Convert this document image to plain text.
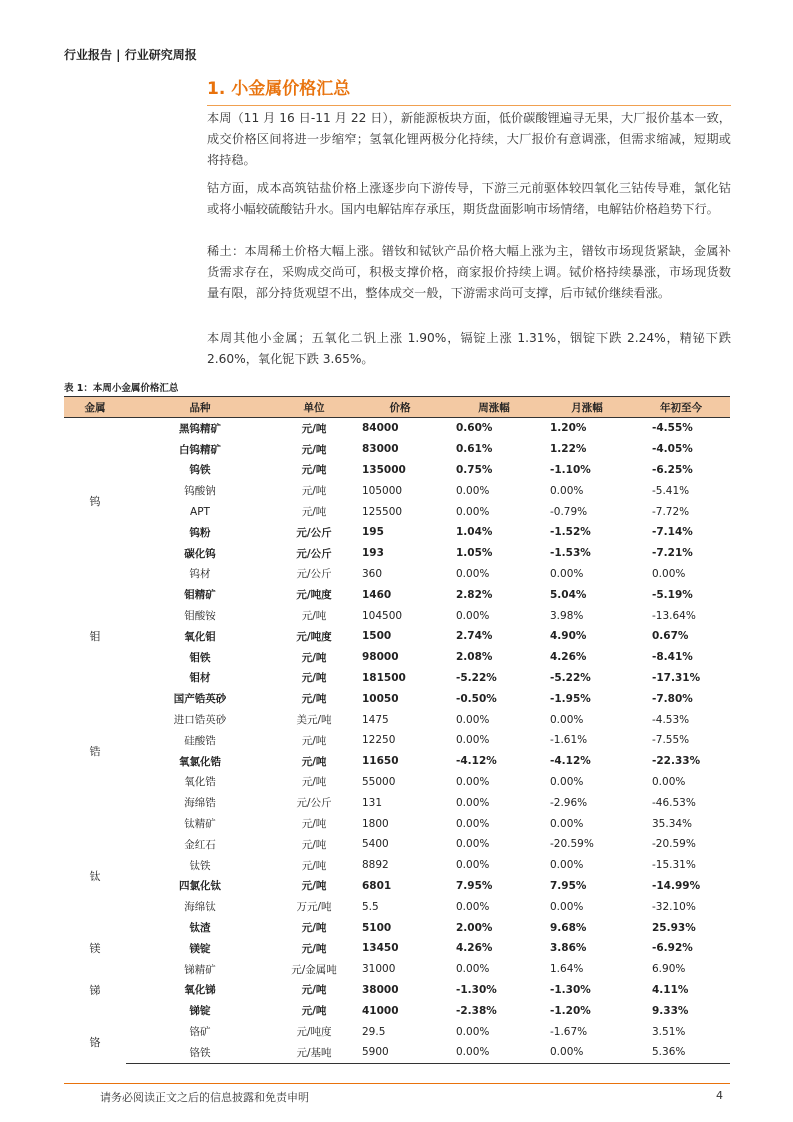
行业报告 | 行业研究周报
1. 小金属价格汇总

本周（11 月 16 日-11 月 22 日），新能源板块方面，低价碳酸锂遍寻无果，大厂报价基本一致，成交价格区间将进一步缩窄；氢氧化锂两极分化持续，大厂报价有意调涨，但需求缩减，短期或将持稳。

钴方面，成本高筑钴盐价格上涨逐步向下游传导，下游三元前驱体较四氧化三钴传导难，氯化钴或将小幅较硫酸钴升水。国内电解钴库存承压，期货盘面影响市场情绪，电解钴价格趋势下行。

稀土：本周稀土价格大幅上涨。镨钕和铽钬产品价格大幅上涨为主，镨钕市场现货紧缺，金属补货需求存在，采购成交尚可，积极支撑价格，商家报价持续上调。铽价格持续暴涨，市场现货数量有限，部分持货观望不出，整体成交一般，下游需求尚可支撑，后市铽价继续看涨。

本周其他小金属；五氧化二钒上涨 1.90%，镉锭上涨 1.31%，铟锭下跌 2.24%，精铋下跌 2.60%，氧化铌下跌 3.65%。

表 1：本周小金属价格汇总
金属	品种	单位	价格	周涨幅	月涨幅	年初至今
钨	黑钨精矿	元/吨	84000	0.60%	1.20%	-4.55%
	白钨精矿	元/吨	83000	0.61%	1.22%	-4.05%
	钨铁	元/吨	135000	0.75%	-1.10%	-6.25%
	钨酸钠	元/吨	105000	0.00%	0.00%	-5.41%
	APT	元/吨	125500	0.00%	-0.79%	-7.72%
	钨粉	元/公斤	195	1.04%	-1.52%	-7.14%
	碳化钨	元/公斤	193	1.05%	-1.53%	-7.21%
	钨材	元/公斤	360	0.00%	0.00%	0.00%
钼	钼精矿	元/吨度	1460	2.82%	5.04%	-5.19%
	钼酸铵	元/吨	104500	0.00%	3.98%	-13.64%
	氧化钼	元/吨度	1500	2.74%	4.90%	0.67%
	钼铁	元/吨	98000	2.08%	4.26%	-8.41%
	钼材	元/吨	181500	-5.22%	-5.22%	-17.31%
锆	国产锆英砂	元/吨	10050	-0.50%	-1.95%	-7.80%
	进口锆英砂	美元/吨	1475	0.00%	0.00%	-4.53%
	硅酸锆	元/吨	12250	0.00%	-1.61%	-7.55%
	氧氯化锆	元/吨	11650	-4.12%	-4.12%	-22.33%
	氧化锆	元/吨	55000	0.00%	0.00%	0.00%
	海绵锆	元/公斤	131	0.00%	-2.96%	-46.53%
钛	钛精矿	元/吨	1800	0.00%	0.00%	35.34%
	金红石	元/吨	5400	0.00%	-20.59%	-20.59%
	钛铁	元/吨	8892	0.00%	0.00%	-15.31%
	四氯化钛	元/吨	6801	7.95%	7.95%	-14.99%
	海绵钛	万元/吨	5.5	0.00%	0.00%	-32.10%
	钛渣	元/吨	5100	2.00%	9.68%	25.93%
镁	镁锭	元/吨	13450	4.26%	3.86%	-6.92%
锑	锑精矿	元/金属吨	31000	0.00%	1.64%	6.90%
	氧化锑	元/吨	38000	-1.30%	-1.30%	4.11%
	锑锭	元/吨	41000	-2.38%	-1.20%	9.33%
铬	铬矿	元/吨度	29.5	0.00%	-1.67%	3.51%
	铬铁	元/基吨	5900	0.00%	0.00%	5.36%
请务必阅读正文之后的信息披露和免责申明	4
